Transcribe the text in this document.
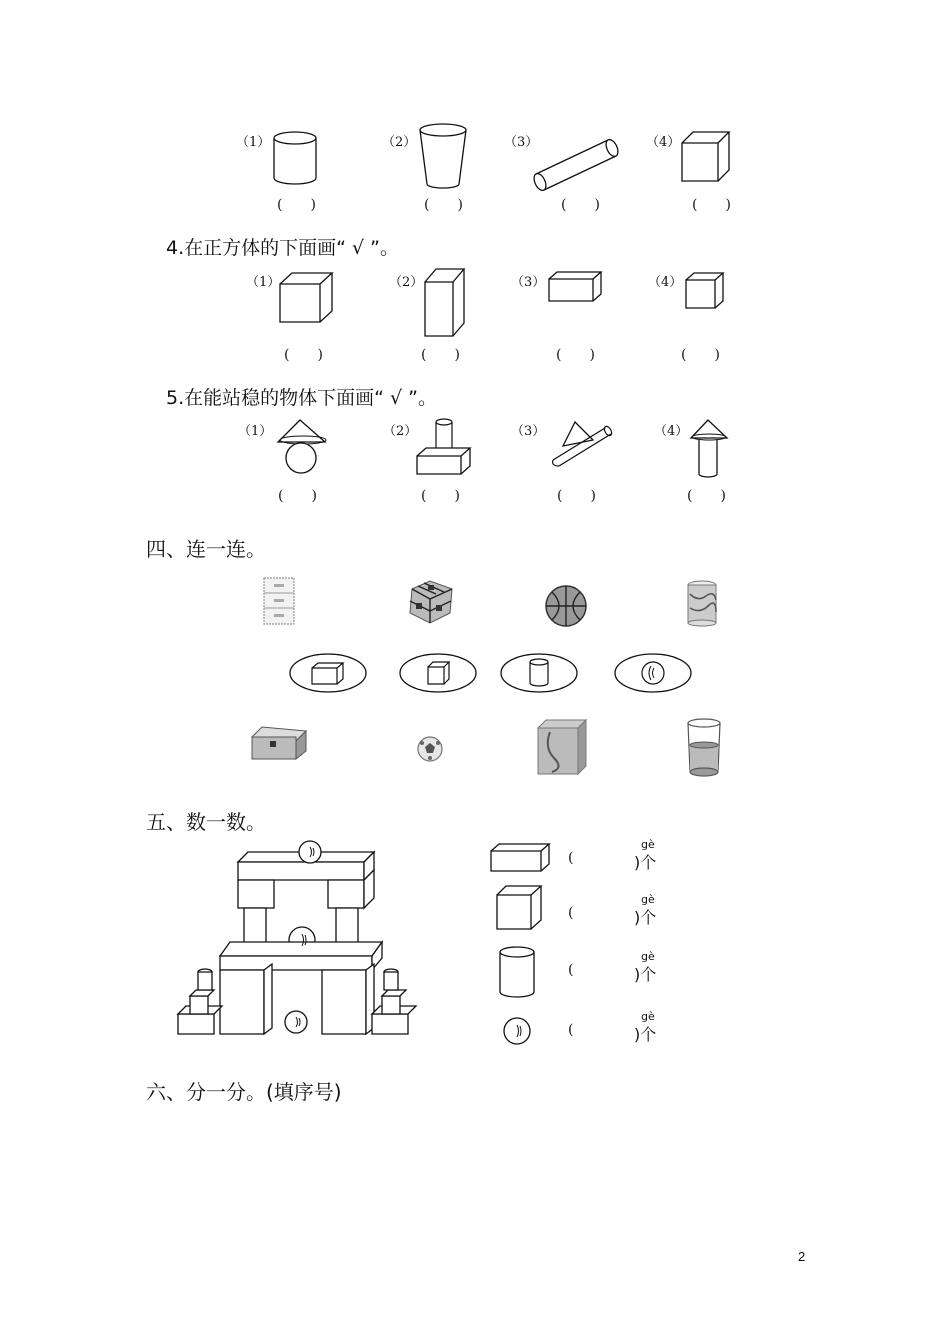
（1）
(　　)
（2）
(　　)
（3）
(　　)
（4）
(　　)
4.在正方体的下面画“ √ ”。
（1）
(　　)
（2）
(　　)
（3）
(　　)
（4）
(　　)
5.在能站稳的物体下面画“ √ ”。
（1）
(　　)
（2）
(　　)
（3）
(　　)
（4）
(　　)
四、连一连。
五、数一数。
(
gè
)个
(
gè
)个
(
gè
)个
(
gè
)个
六、分一分。(填序号)
2
